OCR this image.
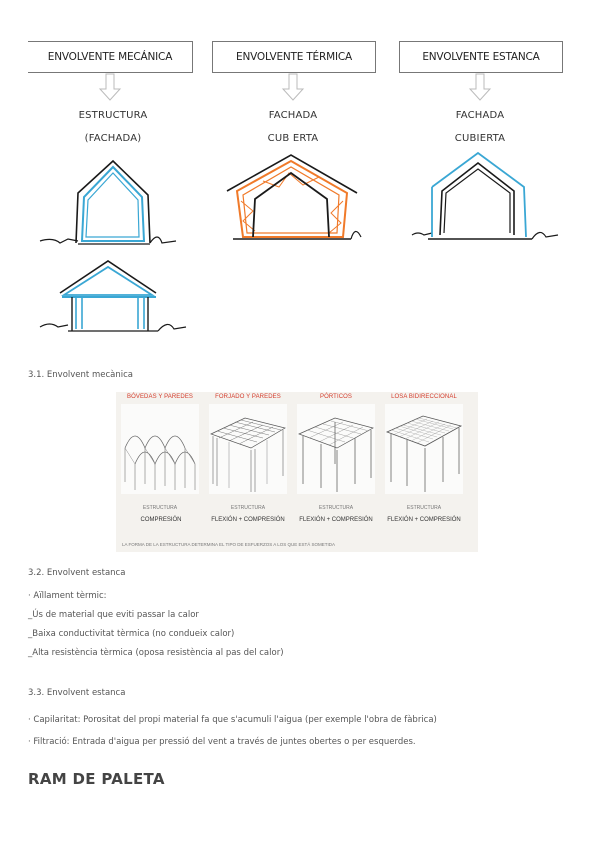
ENVOLVENTE MECÁNICA	ENVOLVENTE TÉRMICA	ENVOLVENTE ESTANCA
ESTRUCTURA
(FACHADA)
FACHADA
CUB ERTA
FACHADA
CUBIERTA
3.1. Envolvent mecànica
BÓVEDAS Y PAREDES	FORJADO Y PAREDES	PÓRTICOS	LOSA BIDIRECCIONAL
ESTRUCTURA	ESTRUCTURA	ESTRUCTURA	ESTRUCTURA
COMPRESIÓN	FLEXIÓN + COMPRESIÓN	FLEXIÓN + COMPRESIÓN	FLEXIÓN + COMPRESIÓN
LA FORMA DE LA ESTRUCTURA DETERMINA EL TIPO DE ESFUERZOS A LOS QUE ESTÁ SOMETIDA
3.2. Envolvent estanca
· Aïllament tèrmic:
_Ús de material que eviti passar la calor
_Baixa conductivitat tèrmica (no condueix calor)
_Alta resistència tèrmica (oposa resistència al pas del calor)
3.3. Envolvent estanca
· Capilaritat: Porositat del propi material fa que s'acumuli l'aigua (per exemple l'obra de fàbrica)
· Filtració: Entrada d'aigua per pressió del vent a través de juntes obertes o per esquerdes.
RAM DE PALETA
